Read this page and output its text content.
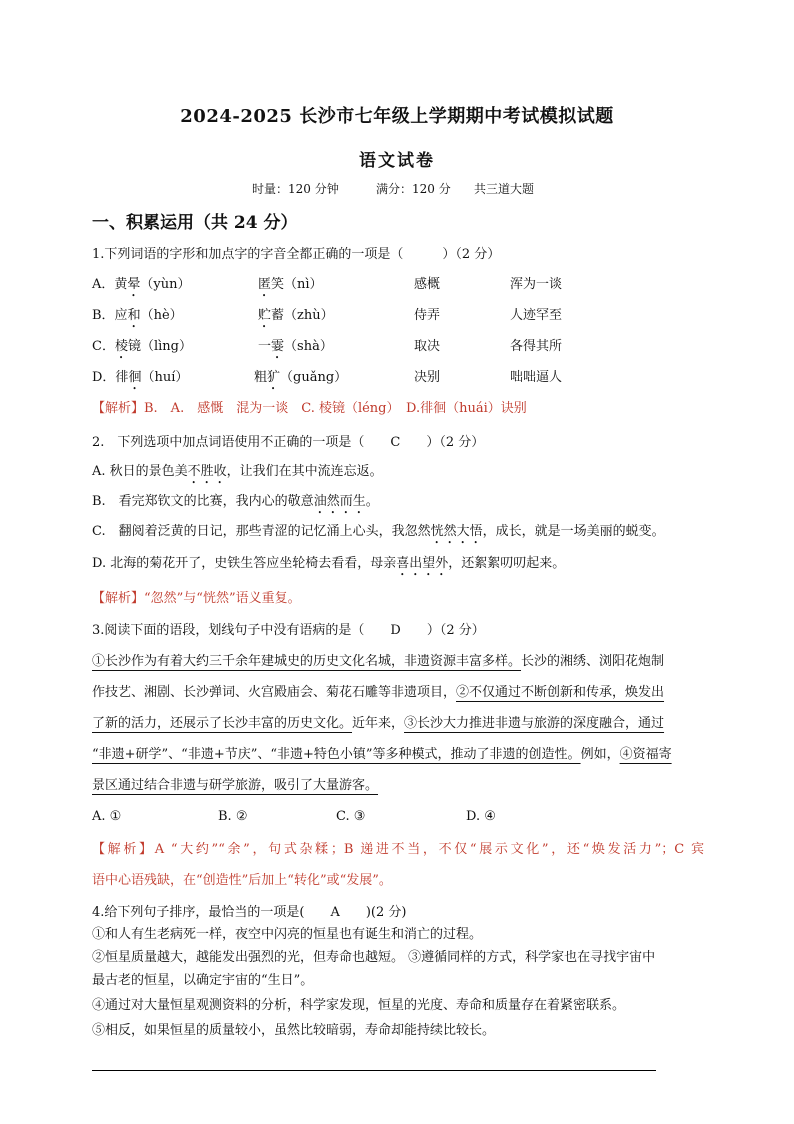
2024-2025 长沙市七年级上学期期中考试模拟试题
语文试卷
时量：120 分钟	满分：120 分 共三道大题
一、积累运用（共 24 分）
1.下列词语的字形和加点字的字音全都正确的一项是（　　　）（2 分）
A．黄晕（yùn）	匿笑（nì）	感概	浑为一谈
B．应和（hè）	贮蓄（zhù）	侍弄	人迹罕至
C．棱镜（lìng）	一霎（shà）	取决	各得其所
D．徘徊（huí）	粗犷（guǎng）	决别	咄咄逼人
【解析】B.　A.　感慨　混为一谈　C. 棱镜（léng）　D.徘徊（huái）诀别
2.　下列选项中加点词语使用不正确的一项是（　　C　　）（2 分）
A. 秋日的景色美不胜收，让我们在其中流连忘返。
B.　看完郑钦文的比赛，我内心的敬意油然而生。
C.　翻阅着泛黄的日记，那些青涩的记忆涌上心头，我忽然恍然大悟，成长，就是一场美丽的蜕变。
D. 北海的菊花开了，史铁生答应坐轮椅去看看，母亲喜出望外，还絮絮叨叨起来。
【解析】“忽然”与“恍然”语义重复。
3.阅读下面的语段，划线句子中没有语病的是（　　D　　）（2 分）
①长沙作为有着大约三千余年建城史的历史文化名城，非遗资源丰富多样。长沙的湘绣、浏阳花炮制
作技艺、湘剧、长沙弹词、火宫殿庙会、菊花石雕等非遗项目，②不仅通过不断创新和传承，焕发出
了新的活力，还展示了长沙丰富的历史文化。近年来，③长沙大力推进非遗与旅游的深度融合，通过
“非遗+研学”、“非遗+节庆”、“非遗+特色小镇”等多种模式，推动了非遗的创造性。例如，④资福寄
景区通过结合非遗与研学旅游，吸引了大量游客。
A. ①	B. ②	C. ③	D. ④
【解析】A “大约”“余”，句式杂糅；B 递进不当，不仅“展示文化”，还“焕发活力”；C 宾
语中心语残缺，在“创造性”后加上“转化”或“发展”。
4.给下列句子排序，最恰当的一项是(　　A　　)(2 分)
①和人有生老病死一样，夜空中闪亮的恒星也有诞生和消亡的过程。
②恒星质量越大，越能发出强烈的光，但寿命也越短。 ③遵循同样的方式，科学家也在寻找宇宙中
最古老的恒星，以确定宇宙的“生日”。
④通过对大量恒星观测资料的分析，科学家发现，恒星的光度、寿命和质量存在着紧密联系。
⑤相反，如果恒星的质量较小，虽然比较暗弱，寿命却能持续比较长。
